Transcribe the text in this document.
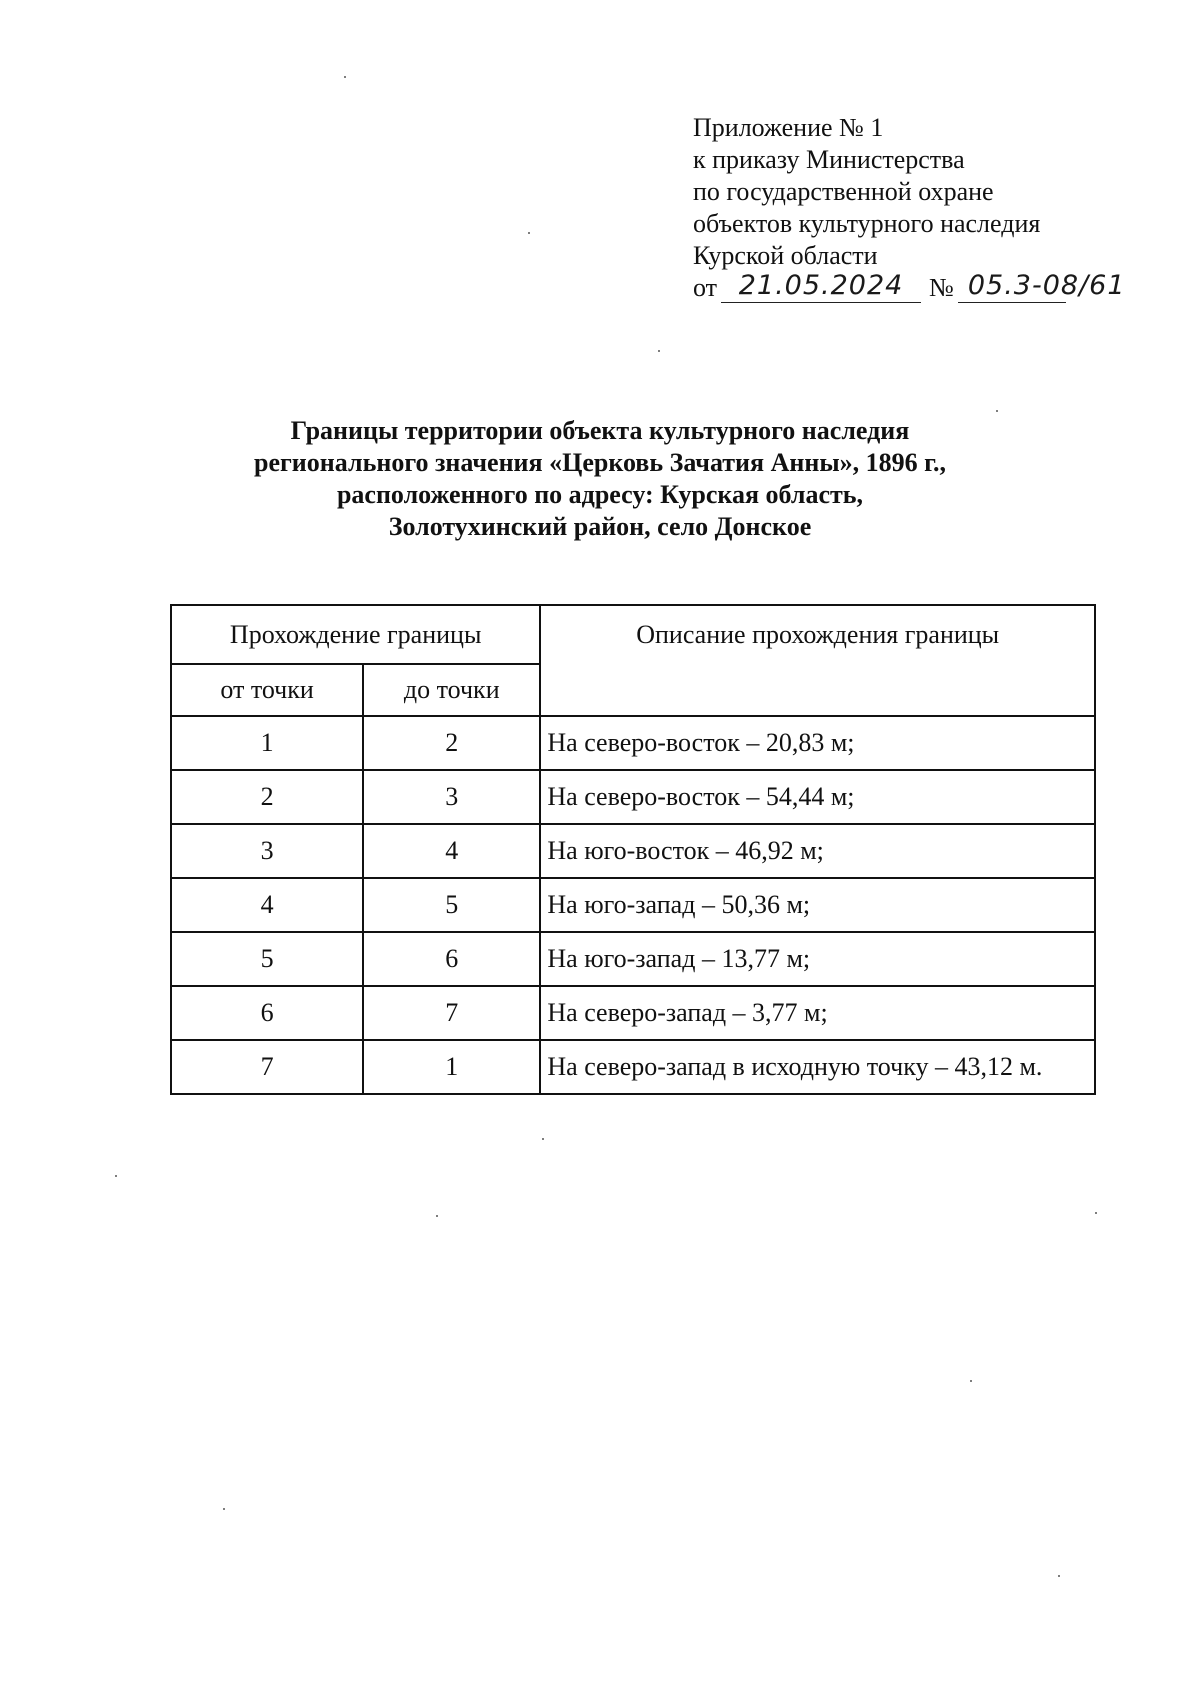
Приложение № 1
к приказу Министерства
по государственной охране
объектов культурного наследия
Курской области
от 21.05.2024 № 05.3-08/61
Границы территории объекта культурного наследия
регионального значения «Церковь Зачатия Анны», 1896 г.,
расположенного по адресу: Курская область,
Золотухинский район, село Донское
Прохождение границы		Описание прохождения границы
от точки	до точки	
1	2	На северо-восток – 20,83 м;
2	3	На северо-восток – 54,44 м;
3	4	На юго-восток – 46,92 м;
4	5	На юго-запад – 50,36 м;
5	6	На юго-запад – 13,77 м;
6	7	На северо-запад – 3,77 м;
7	1	На северо-запад в исходную точку – 43,12 м.
